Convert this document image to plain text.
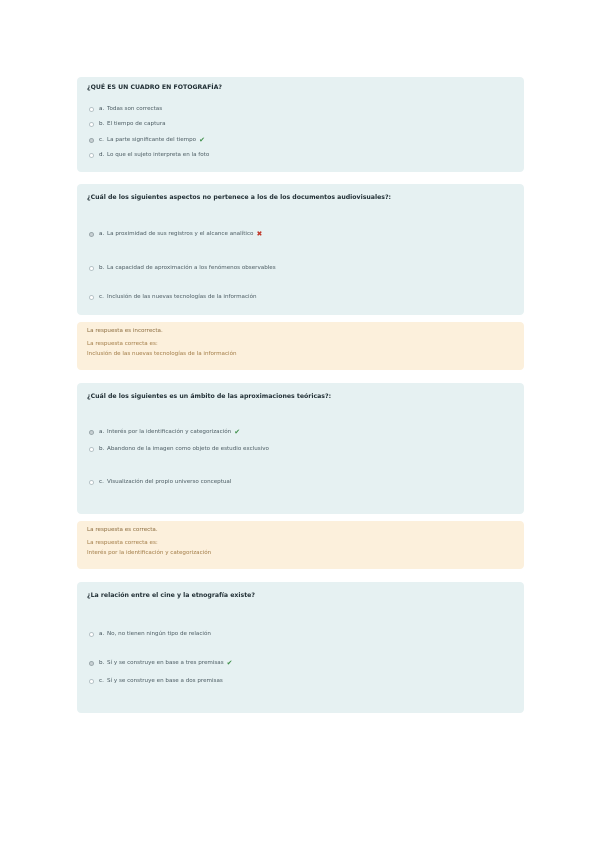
¿QUÉ ES UN CUADRO EN FOTOGRAFÍA?
a. Todas son correctas
b. El tiempo de captura
c. La parte significante del tiempo ✔
d. Lo que el sujeto interpreta en la foto
¿Cuál de los siguientes aspectos no pertenece a los de los documentos audiovisuales?:
a. La proximidad de sus registros y el alcance analítico ✖
b. La capacidad de aproximación a los fenómenos observables
c. Inclusión de las nuevas tecnologías de la información
La respuesta es incorrecta.
La respuesta correcta es:
Inclusión de las nuevas tecnologías de la información
¿Cuál de los siguientes es un ámbito de las aproximaciones teóricas?:
a. Interés por la identificación y categorización ✔
b. Abandono de la imagen como objeto de estudio exclusivo
c. Visualización del propio universo conceptual
La respuesta es correcta.
La respuesta correcta es:
Interés por la identificación y categorización
¿La relación entre el cine y la etnografía existe?
a. No, no tienen ningún tipo de relación
b. Sí y se construye en base a tres premisas ✔
c. Sí y se construye en base a dos premisas
